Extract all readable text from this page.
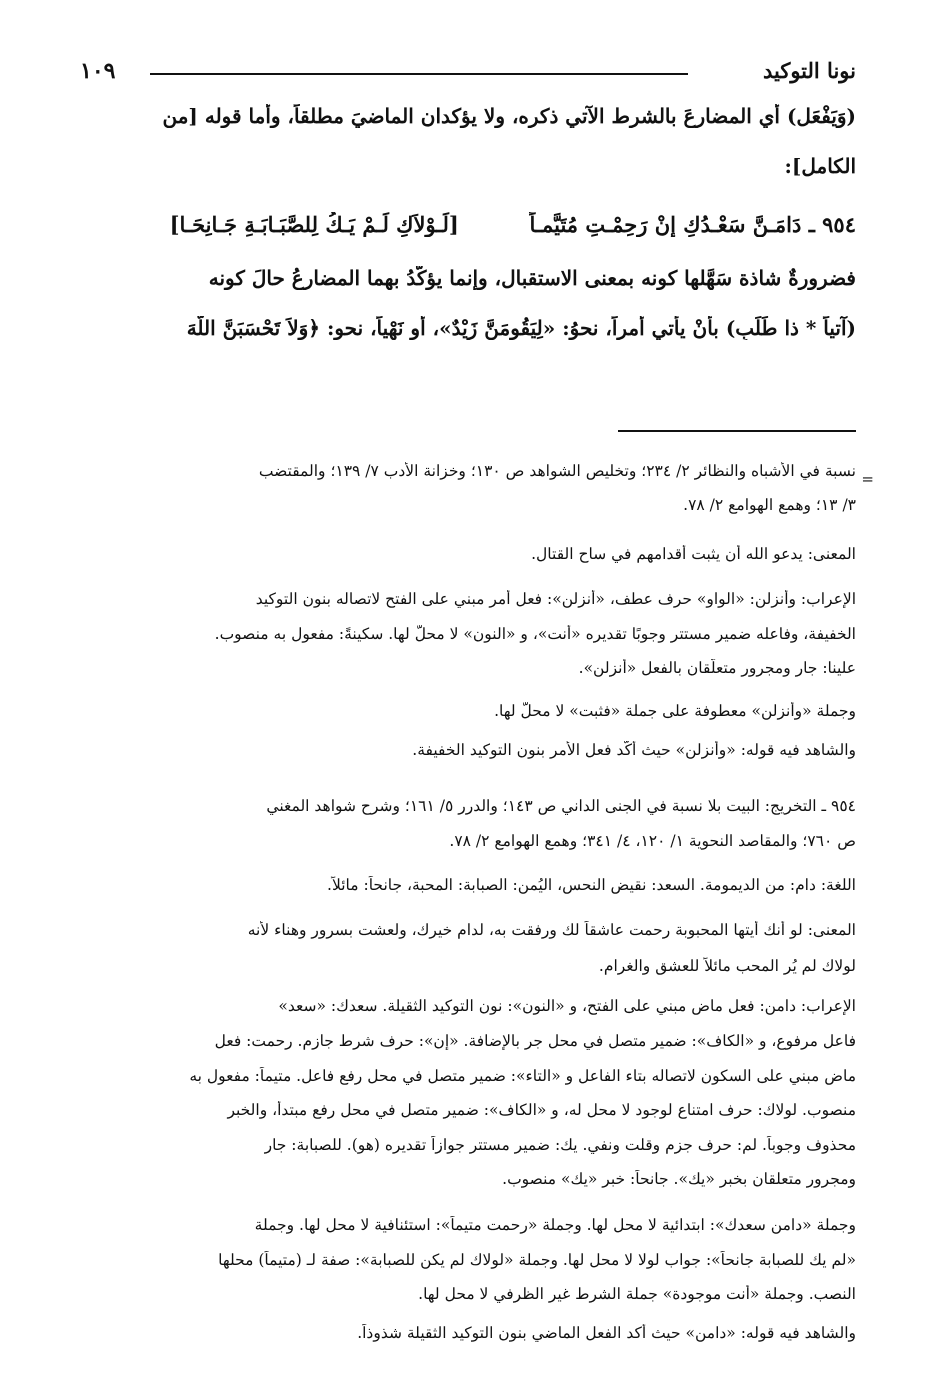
نونا التوكيد
١٠٩
(وَيَفْعَل) أي المضارعَ بالشرط الآتي ذكره، ولا يؤكدان الماضيَ مطلقاً، وأما قوله [من
الكامل]:
٩٥٤ ـ دَامَـنَّ سَعْـدُكِ إِنْ رَحِمْـتِ مُتَيَّمـاً  [لَـوْلاَكِ لَـمْ يَـكُ لِلصَّبَـابَـةِ جَـانِحَـا]
فضرورةٌ شاذة سَهَّلها كونه بمعنى الاستقبال، وإنما يؤكَّدُ بهما المضارعُ حالَ كونه
(آتياً * ذا طَلَبِ) بأنْ يأتي أمراً، نحوُ: «لِيَقُومَنَّ زَيْدٌ»، أو نَهْياً، نحو: ﴿وَلاَ تَحْسَبَنَّ اللَّهَ
=
نسبة في الأشباه والنظائر ٢/ ٢٣٤؛ وتخليص الشواهد ص ١٣٠؛ وخزانة الأدب ٧/ ١٣٩؛ والمقتضب
٣/ ١٣؛ وهمع الهوامع ٢/ ٧٨.
المعنى: يدعو الله أن يثبت أقدامهم في ساح القتال.
الإعراب: وأنزلن: «الواو» حرف عطف، «أنزلن»: فعل أمر مبني على الفتح لاتصاله بنون التوكيد
الخفيفة، وفاعله ضمير مستتر وجوبًا تقديره «أنت»، و «النون» لا محلّ لها. سكينةً: مفعول به منصوب.
علينا: جار ومجرور متعلّقان بالفعل «أنزلن».
وجملة «وأنزلن» معطوفة على جملة «فثبت» لا محلّ لها.
والشاهد فيه قوله: «وأنزلن» حيث أكّد فعل الأمر بنون التوكيد الخفيفة.
٩٥٤ ـ التخريج: البيت بلا نسبة في الجنى الداني ص ١٤٣؛ والدرر ٥/ ١٦١؛ وشرح شواهد المغني
ص ٧٦٠؛ والمقاصد النحوية ١/ ١٢٠، ٤/ ٣٤١؛ وهمع الهوامع ٢/ ٧٨.
اللغة: دام: من الديمومة. السعد: نقيض النحس، اليُمن: الصبابة: المحبة، جانحاً: مائلاً.
المعنى: لو أنك أيتها المحبوبة رحمت عاشقاً لك ورفقت به، لدام خيرك، ولعشت بسرور وهناء لأنه
لولاك لم يُر المحب مائلاً للعشق والغرام.
الإعراب: دامن: فعل ماضٍ مبني على الفتح، و «النون»: نون التوكيد الثقيلة. سعدك: «سعد»
فاعل مرفوع، و «الكاف»: ضمير متصل في محل جر بالإضافة. «إن»: حرف شرط جازم. رحمت: فعل
ماضٍ مبني على السكون لاتصاله بتاء الفاعل و «التاء»: ضمير متصل في محل رفع فاعل. متيماً: مفعول به
منصوب. لولاك: حرف امتناع لوجود لا محل له، و «الكاف»: ضمير متصل في محل رفع مبتدأ، والخبر
محذوف وجوباً. لم: حرف جزم وقلت ونفي. يك: ضمير مستتر جوازاً تقديره (هو). للصبابة: جار
ومجرور متعلقان بخبر «يك». جانحاً: خبر «يك» منصوب.
وجملة «دامن سعدك»: ابتدائية لا محل لها. وجملة «رحمت متيماً»: استئنافية لا محل لها. وجملة
«لم يك للصبابة جانحاً»: جواب لولا لا محل لها. وجملة «لولاك لم يكن للصبابة»: صفة لـ (متيماً) محلها
النصب. وجملة «أنت موجودة» جملة الشرط غير الظرفي لا محل لها.
والشاهد فيه قوله: «دامن» حيث أكد الفعل الماضي بنون التوكيد الثقيلة شذوذاً.
